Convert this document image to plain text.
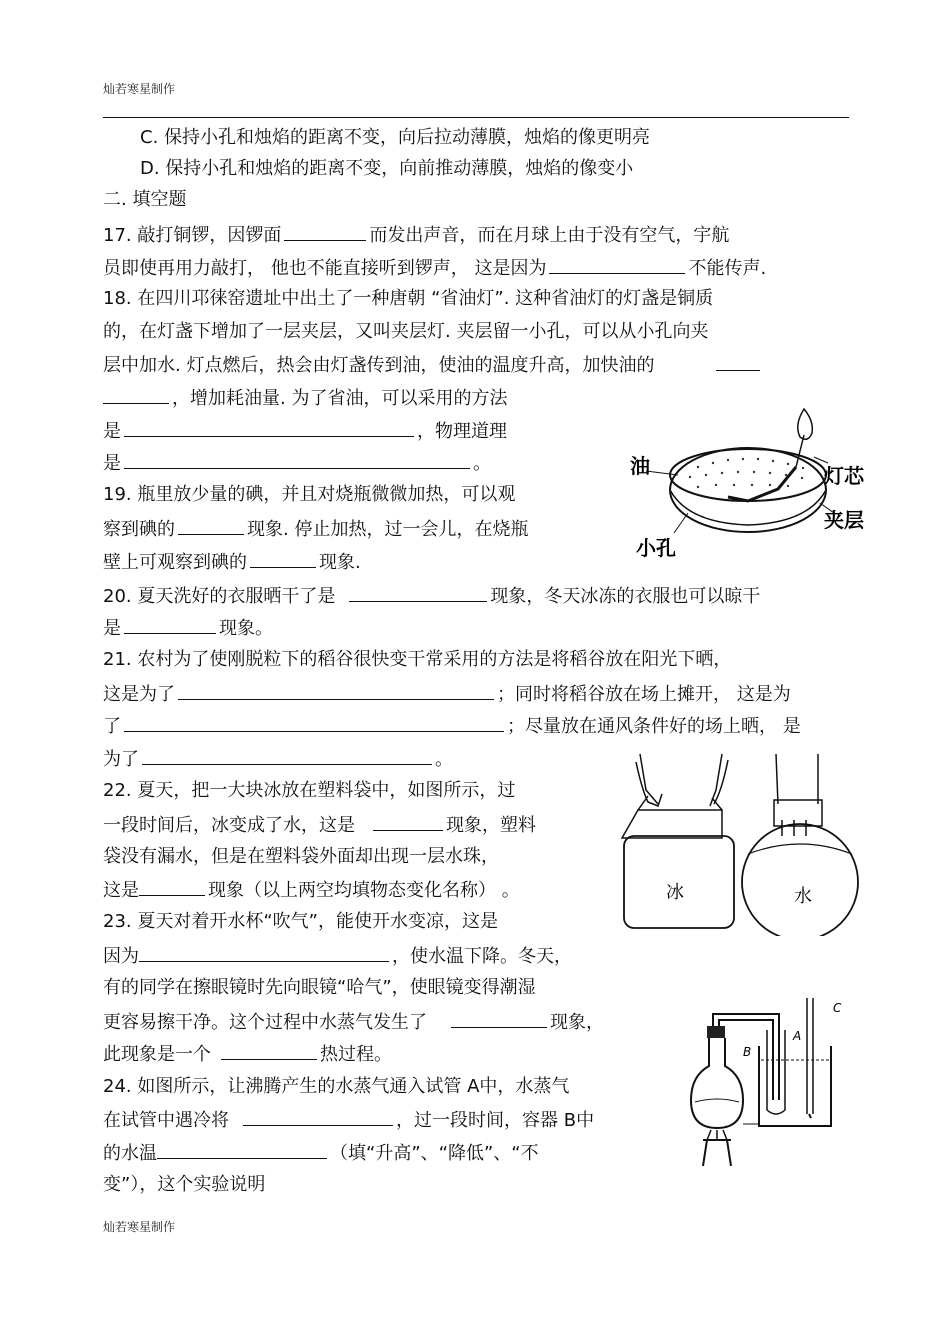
灿若寒星制作
C. 保持小孔和烛焰的距离不变，向后拉动薄膜，烛焰的像更明亮
D. 保持小孔和烛焰的距离不变，向前推动薄膜，烛焰的像变小
二. 填空题
17. 敲打铜锣，因锣面	而发出声音，而在月球上由于没有空气，宇航
员即使再用力敲打， 他也不能直接听到锣声， 这是因为	不能传声.
18. 在四川邛徕窑遗址中出土了一种唐朝 “省油灯”. 这种省油灯的灯盏是铜质
的，在灯盏下增加了一层夹层，又叫夹层灯. 夹层留一小孔，可以从小孔向夹
层中加水. 灯点燃后，热会由灯盏传到油，使油的温度升高，加快油的
，增加耗油量. 为了省油，可以采用的方法
是	，物理道理
是	。
19. 瓶里放少量的碘，并且对烧瓶微微加热，可以观
察到碘的	现象. 停止加热，过一会儿，在烧瓶
壁上可观察到碘的	现象.
20. 夏天洗好的衣服晒干了是	现象，冬天冰冻的衣服也可以晾干
是	现象。
21. 农村为了使刚脱粒下的稻谷很快变干常采用的方法是将稻谷放在阳光下晒，
这是为了	；同时将稻谷放在场上摊开， 这是为
了	；尽量放在通风条件好的场上晒， 是
为了	。
22. 夏天，把一大块冰放在塑料袋中，如图所示，过
一段时间后，冰变成了水，这是	现象，塑料
袋没有漏水，但是在塑料袋外面却出现一层水珠，
这是	现象（以上两空均填物态变化名称） 。
23. 夏天对着开水杯“吹气”，能使开水变凉，这是
因为	，使水温下降。冬天，
有的同学在擦眼镜时先向眼镜“哈气”，使眼镜变得潮湿
更容易擦干净。这个过程中水蒸气发生了	现象，
此现象是一个	热过程。
24. 如图所示，让沸腾产生的水蒸气通入试管 A中，水蒸气
在试管中遇冷将	，过一段时间，容器 B中
的水温	（填“升高”、“降低”、“不
变”），这个实验说明
灿若寒星制作
油	灯芯
夹层
小孔
冰	水
A
B
C
